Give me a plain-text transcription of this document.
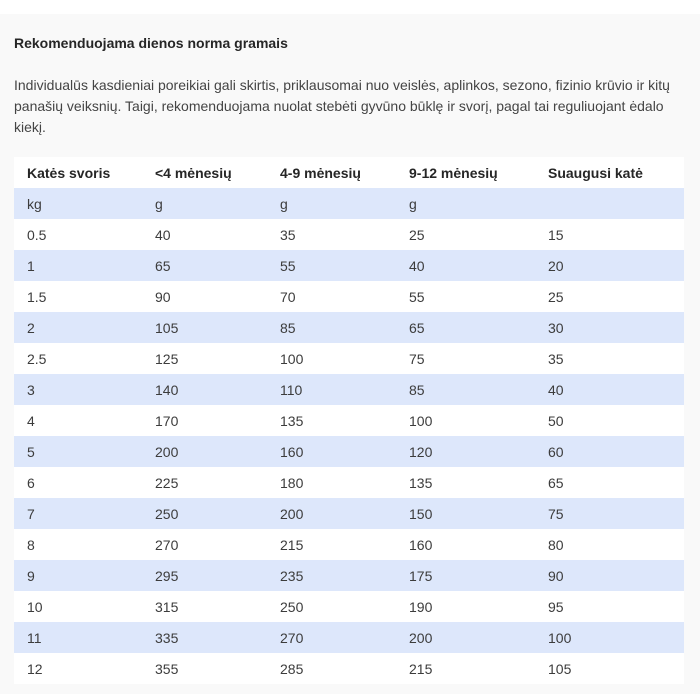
Rekomenduojama dienos norma gramais

Individualūs kasdieniai poreikiai gali skirtis, priklausomai nuo veislės, aplinkos, sezono, fizinio krūvio ir kitų panašių veiksnių. Taigi, rekomenduojama nuolat stebėti gyvūno būklę ir svorį, pagal tai reguliuojant ėdalo kiekį.

Katės svoris	<4 mėnesių	4-9 mėnesių	9-12 mėnesių	Suaugusi katė
kg	g	g	g	
0.5	40	35	25	15
1	65	55	40	20
1.5	90	70	55	25
2	105	85	65	30
2.5	125	100	75	35
3	140	110	85	40
4	170	135	100	50
5	200	160	120	60
6	225	180	135	65
7	250	200	150	75
8	270	215	160	80
9	295	235	175	90
10	315	250	190	95
11	335	270	200	100
12	355	285	215	105
